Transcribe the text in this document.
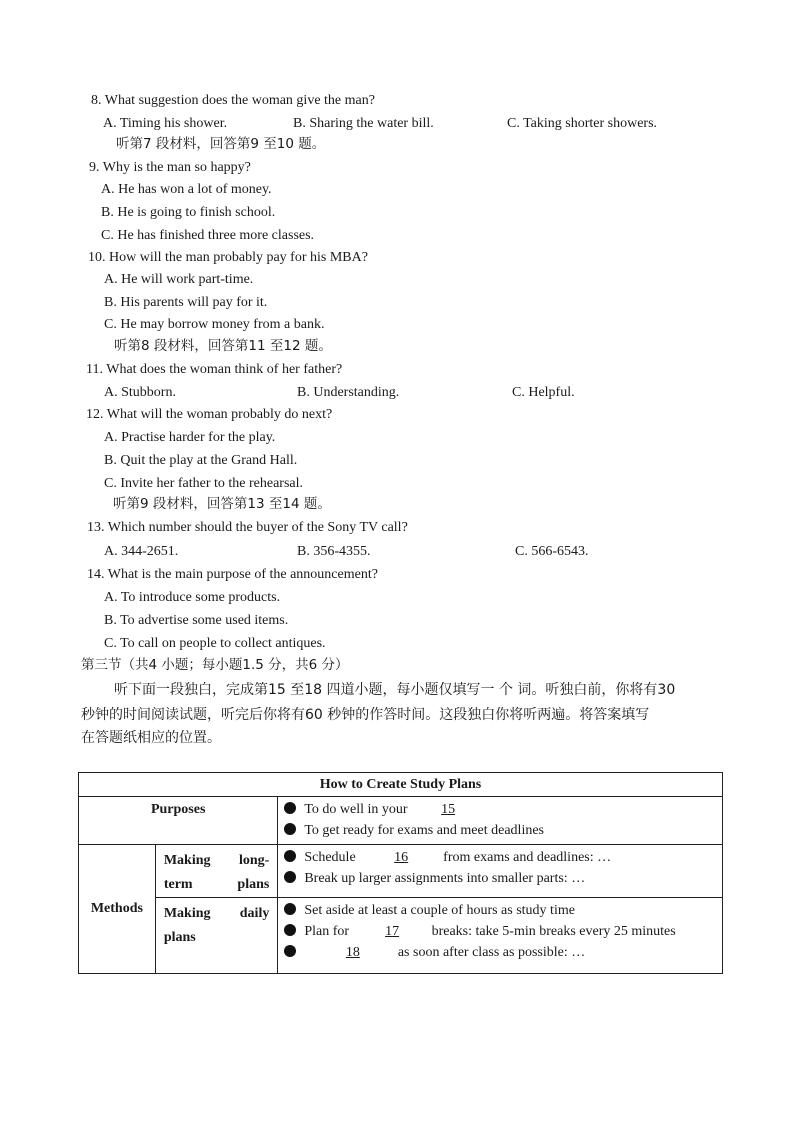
8. What suggestion does the woman give the man?
A. Timing his shower.	B. Sharing the water bill.	C. Taking shorter showers.
听第7 段材料，回答第9 至10 题。
9. Why is the man so happy?
A. He has won a lot of money.
B. He is going to finish school.
C. He has finished three more classes.
10. How will the man probably pay for his MBA?
A. He will work part-time.
B. His parents will pay for it.
C. He may borrow money from a bank.
听第8 段材料，回答第11 至12 题。
11. What does the woman think of her father?
A. Stubborn.	B. Understanding.	C. Helpful.
12. What will the woman probably do next?
A. Practise harder for the play.
B. Quit the play at the Grand Hall.
C. Invite her father to the rehearsal.
听第9 段材料，回答第13 至14 题。
13. Which number should the buyer of the Sony TV call?
A. 344-2651.	B. 356-4355.	C. 566-6543.
14. What is the main purpose of the announcement?
A. To introduce some products.
B. To advertise some used items.
C. To call on people to collect antiques.
第三节（共4 小题；每小题1.5 分，共6 分）
听下面一段独白，完成第15 至18 四道小题，每小题仅填写一 个 词。听独白前，你将有30
秒钟的时间阅读试题，听完后你将有60 秒钟的作答时间。这段独白你将听两遍。将答案填写
在答题纸相应的位置。
How to Create Study Plans		
Purposes		To do well in your 15
To get ready for exams and meet deadlines

Methods	Making long-term plans	Schedule 16 from exams and deadlines: …
Break up larger assignments into smaller parts: …

	Making daily plans	Set aside at least a couple of hours as study time
Plan for 17 breaks: take 5-min breaks every 25 minutes
18 as soon after class as possible: …
